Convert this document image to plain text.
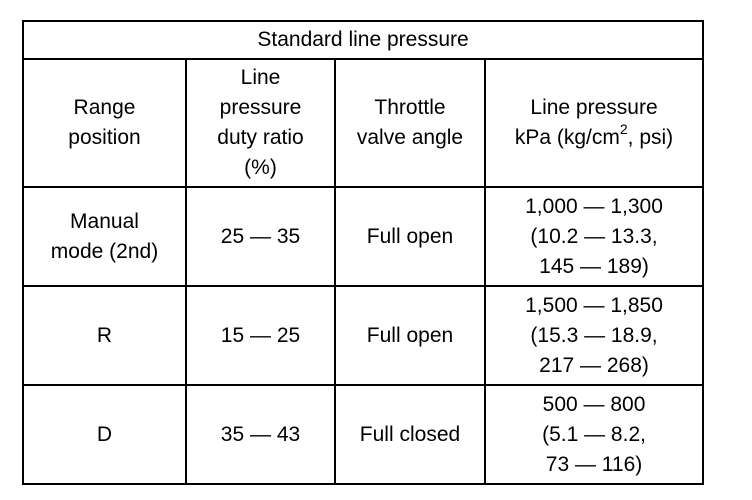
Standard line pressure			

Range
position	Line
pressure
duty ratio
(%)	Throttle
valve angle	Line pressure
kPa ($kg/cm^2$, psi)

Manual
mode (2nd)	25 — 35	Full open	1,000 — 1,300
(10.2 — 13.3,
145 — 189)

R	15 — 25	Full open	1,500 — 1,850
(15.3 — 18.9,
217 — 268)

D	35 — 43	Full closed	500 — 800
(5.1 — 8.2,
73 — 116)
